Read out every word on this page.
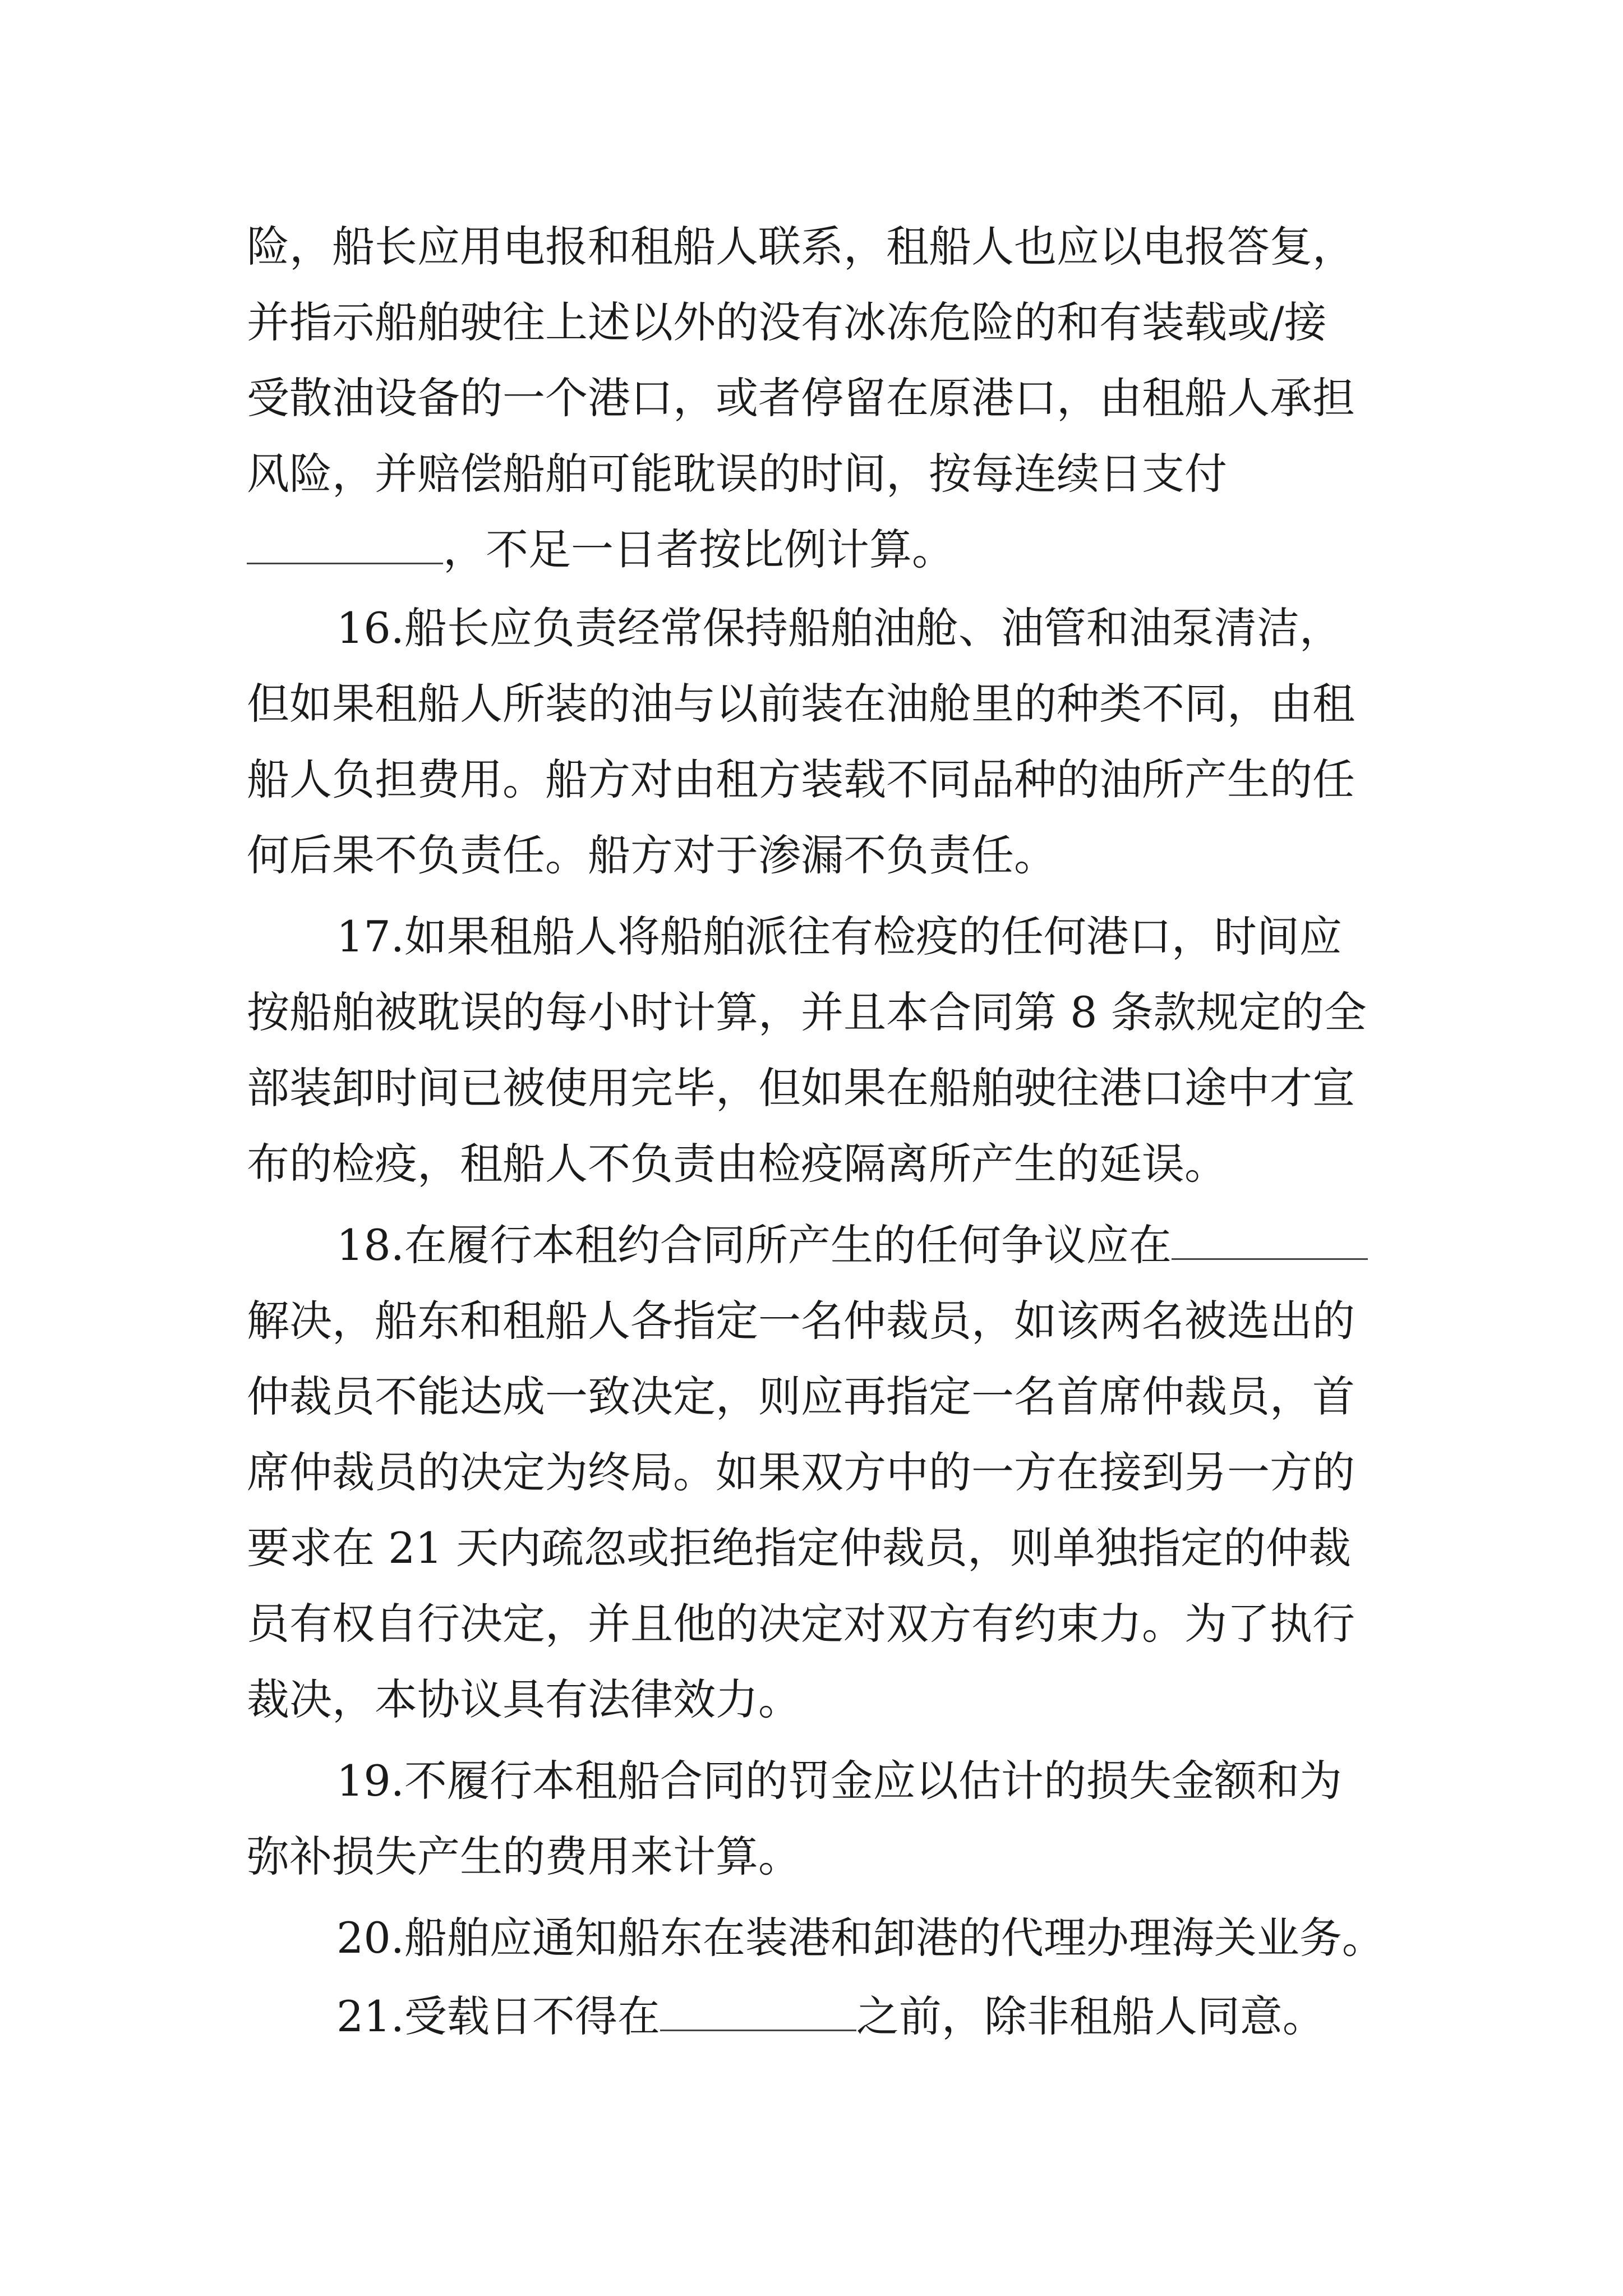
险，船长应用电报和租船人联系，租船人也应以电报答复，
并指示船舶驶往上述以外的没有冰冻危险的和有装载或/接
受散油设备的一个港口，或者停留在原港口，由租船人承担
风险，并赔偿船舶可能耽误的时间，按每连续日支付
，不足一日者按比例计算。
16.船长应负责经常保持船舶油舱、油管和油泵清洁，
但如果租船人所装的油与以前装在油舱里的种类不同，由租
船人负担费用。船方对由租方装载不同品种的油所产生的任
何后果不负责任。船方对于渗漏不负责任。
17.如果租船人将船舶派往有检疫的任何港口，时间应
按船舶被耽误的每小时计算，并且本合同第 8 条款规定的全
部装卸时间已被使用完毕，但如果在船舶驶往港口途中才宣
布的检疫，租船人不负责由检疫隔离所产生的延误。
18.在履行本租约合同所产生的任何争议应在
解决，船东和租船人各指定一名仲裁员，如该两名被选出的
仲裁员不能达成一致决定，则应再指定一名首席仲裁员，首
席仲裁员的决定为终局。如果双方中的一方在接到另一方的
要求在 21 天内疏忽或拒绝指定仲裁员，则单独指定的仲裁
员有权自行决定，并且他的决定对双方有约束力。为了执行
裁决，本协议具有法律效力。
19.不履行本租船合同的罚金应以估计的损失金额和为
弥补损失产生的费用来计算。
20.船舶应通知船东在装港和卸港的代理办理海关业务。
21.受载日不得在	之前，除非租船人同意。
